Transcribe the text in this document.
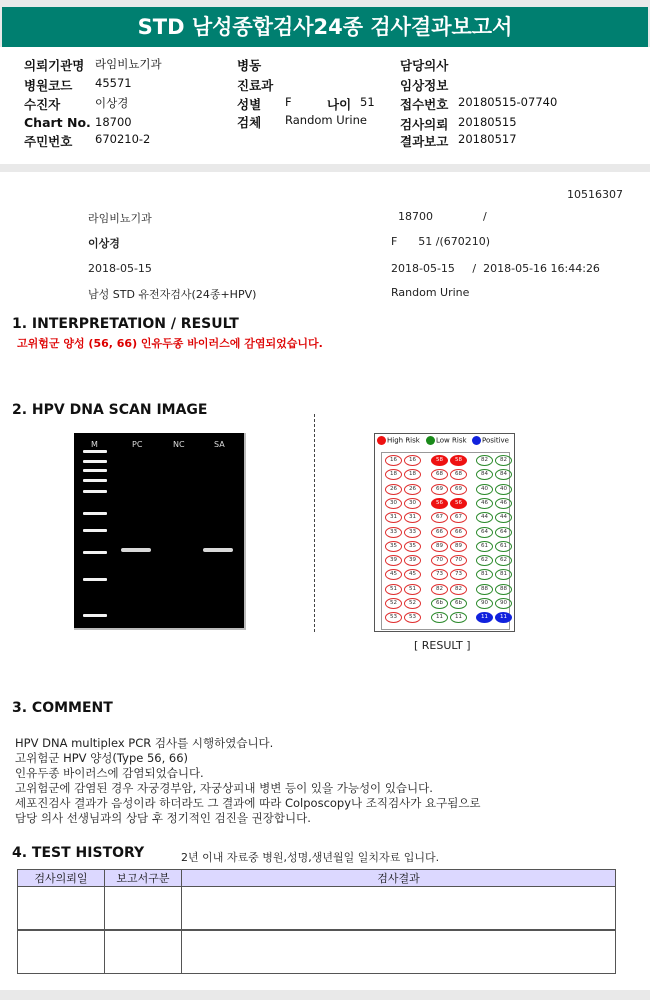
STD 남성종합검사24종 검사결과보고서
의뢰기관명 라임비뇨기과
병원코드 45571
수진자	이상경
Chart No. 18700
주민번호 670210-2
병동
진료과
성별 F	나이 51
검체 Random Urine
담당의사
임상정보
접수번호 20180515-07740
검사의뢰 20180515
결과보고 20180517
10516307
라임비뇨기과	18700	/
이상경	F      51 /(670210)
2018-05-15	2018-05-15     /  2018-05-16 16:44:26
남성 STD 유전자검사(24종+HPV)	Random Urine
1. INTERPRETATION / RESULT
고위험군 양성 (56, 66) 인유두종 바이러스에 감염되었습니다.
2. HPV DNA SCAN IMAGE
M	PC	NC	SA	High Risk	Low Risk	Positive
16	16	58	58	82	82
18	18	68	68	84	84
26	26	69	69	40	40
30	30	56	56	46	46
31	31	67	67	44	44
33	33	66	66	64	64
35	35	89	89	61	61
39	39	70	70	62	62
45	45	73	73	81	81
51	51	82	82	88	88
52	52	6b	6b	90	90
53	53	11	11	11	11
[ RESULT ]
3. COMMENT
HPV DNA multiplex PCR 검사를 시행하였습니다.
고위험군 HPV 양성(Type 56, 66)
인유두종 바이러스에 감염되었습니다.
고위험군에 감염된 경우 자궁경부암, 자궁상피내 병변 등이 있을 가능성이 있습니다.
세포진검사 결과가 음성이라 하더라도 그 결과에 따라 Colposcopy나 조직검사가 요구됨으로
담당 의사 선생님과의 상담 후 정기적인 검진을 권장합니다.
4. TEST HISTORY	2년 이내 자료중 병원,성명,생년월일 일치자료 입니다.
검사의뢰일	보고서구분	검사결과
